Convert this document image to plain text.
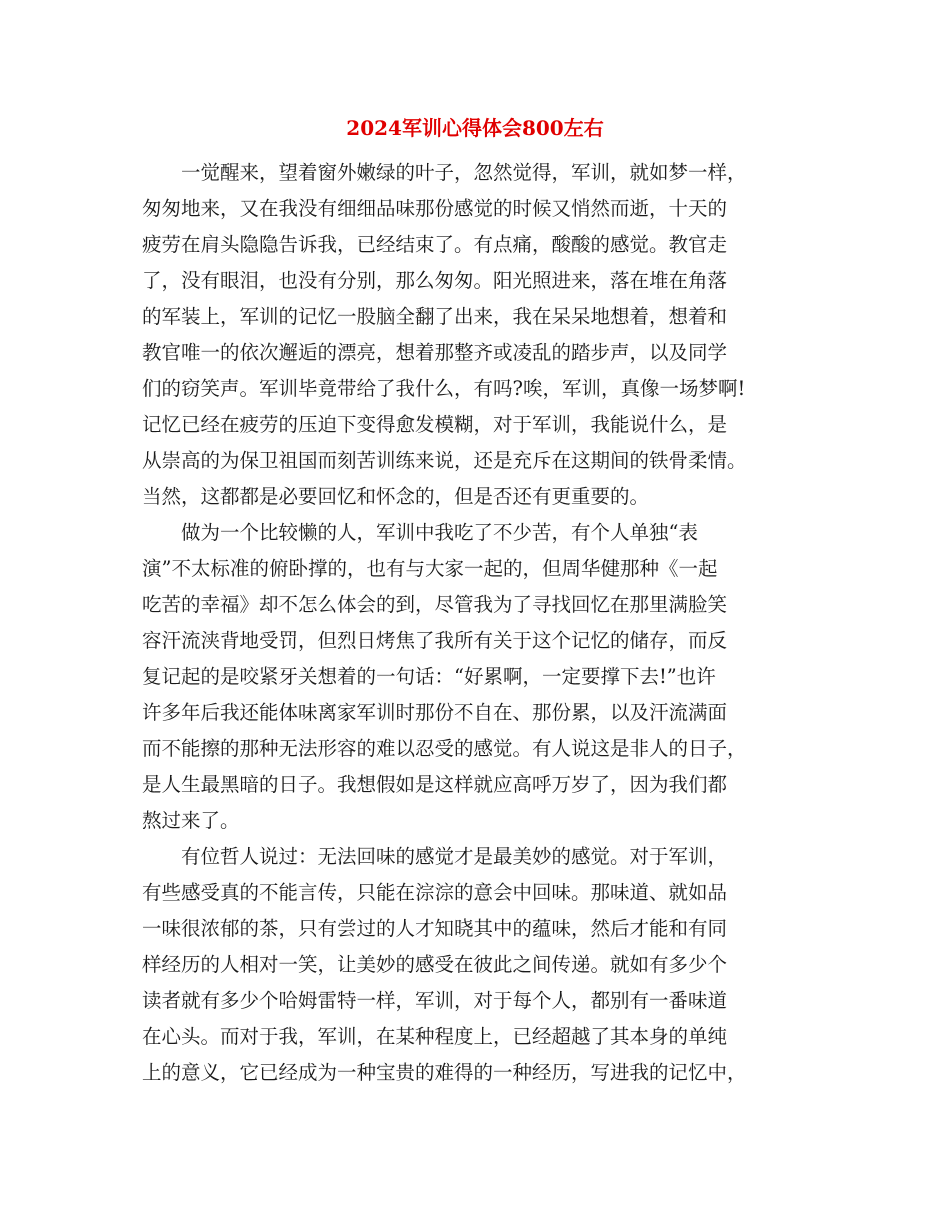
2024军训心得体会800左右
一觉醒来，望着窗外嫩绿的叶子，忽然觉得，军训，就如梦一样，
匆匆地来，又在我没有细细品味那份感觉的时候又悄然而逝，十天的
疲劳在肩头隐隐告诉我，已经结束了。有点痛，酸酸的感觉。教官走
了，没有眼泪，也没有分别，那么匆匆。阳光照进来，落在堆在角落
的军装上，军训的记忆一股脑全翻了出来，我在呆呆地想着，想着和
教官唯一的依次邂逅的漂亮，想着那整齐或凌乱的踏步声，以及同学
们的窃笑声。军训毕竟带给了我什么，有吗?唉，军训，真像一场梦啊!
记忆已经在疲劳的压迫下变得愈发模糊，对于军训，我能说什么，是
从崇高的为保卫祖国而刻苦训练来说，还是充斥在这期间的铁骨柔情。
当然，这都都是必要回忆和怀念的，但是否还有更重要的。
做为一个比较懒的人，军训中我吃了不少苦，有个人单独“表
演”不太标准的俯卧撑的，也有与大家一起的，但周华健那种《一起
吃苦的幸福》却不怎么体会的到，尽管我为了寻找回忆在那里满脸笑
容汗流浃背地受罚，但烈日烤焦了我所有关于这个记忆的储存，而反
复记起的是咬紧牙关想着的一句话：“好累啊，一定要撑下去!”也许
许多年后我还能体味离家军训时那份不自在、那份累，以及汗流满面
而不能擦的那种无法形容的难以忍受的感觉。有人说这是非人的日子，
是人生最黑暗的日子。我想假如是这样就应高呼万岁了，因为我们都
熬过来了。
有位哲人说过：无法回味的感觉才是最美妙的感觉。对于军训，
有些感受真的不能言传，只能在淙淙的意会中回味。那味道、就如品
一味很浓郁的茶，只有尝过的人才知晓其中的蕴味，然后才能和有同
样经历的人相对一笑，让美妙的感受在彼此之间传递。就如有多少个
读者就有多少个哈姆雷特一样，军训，对于每个人，都别有一番味道
在心头。而对于我，军训，在某种程度上，已经超越了其本身的单纯
上的意义，它已经成为一种宝贵的难得的一种经历，写进我的记忆中，
